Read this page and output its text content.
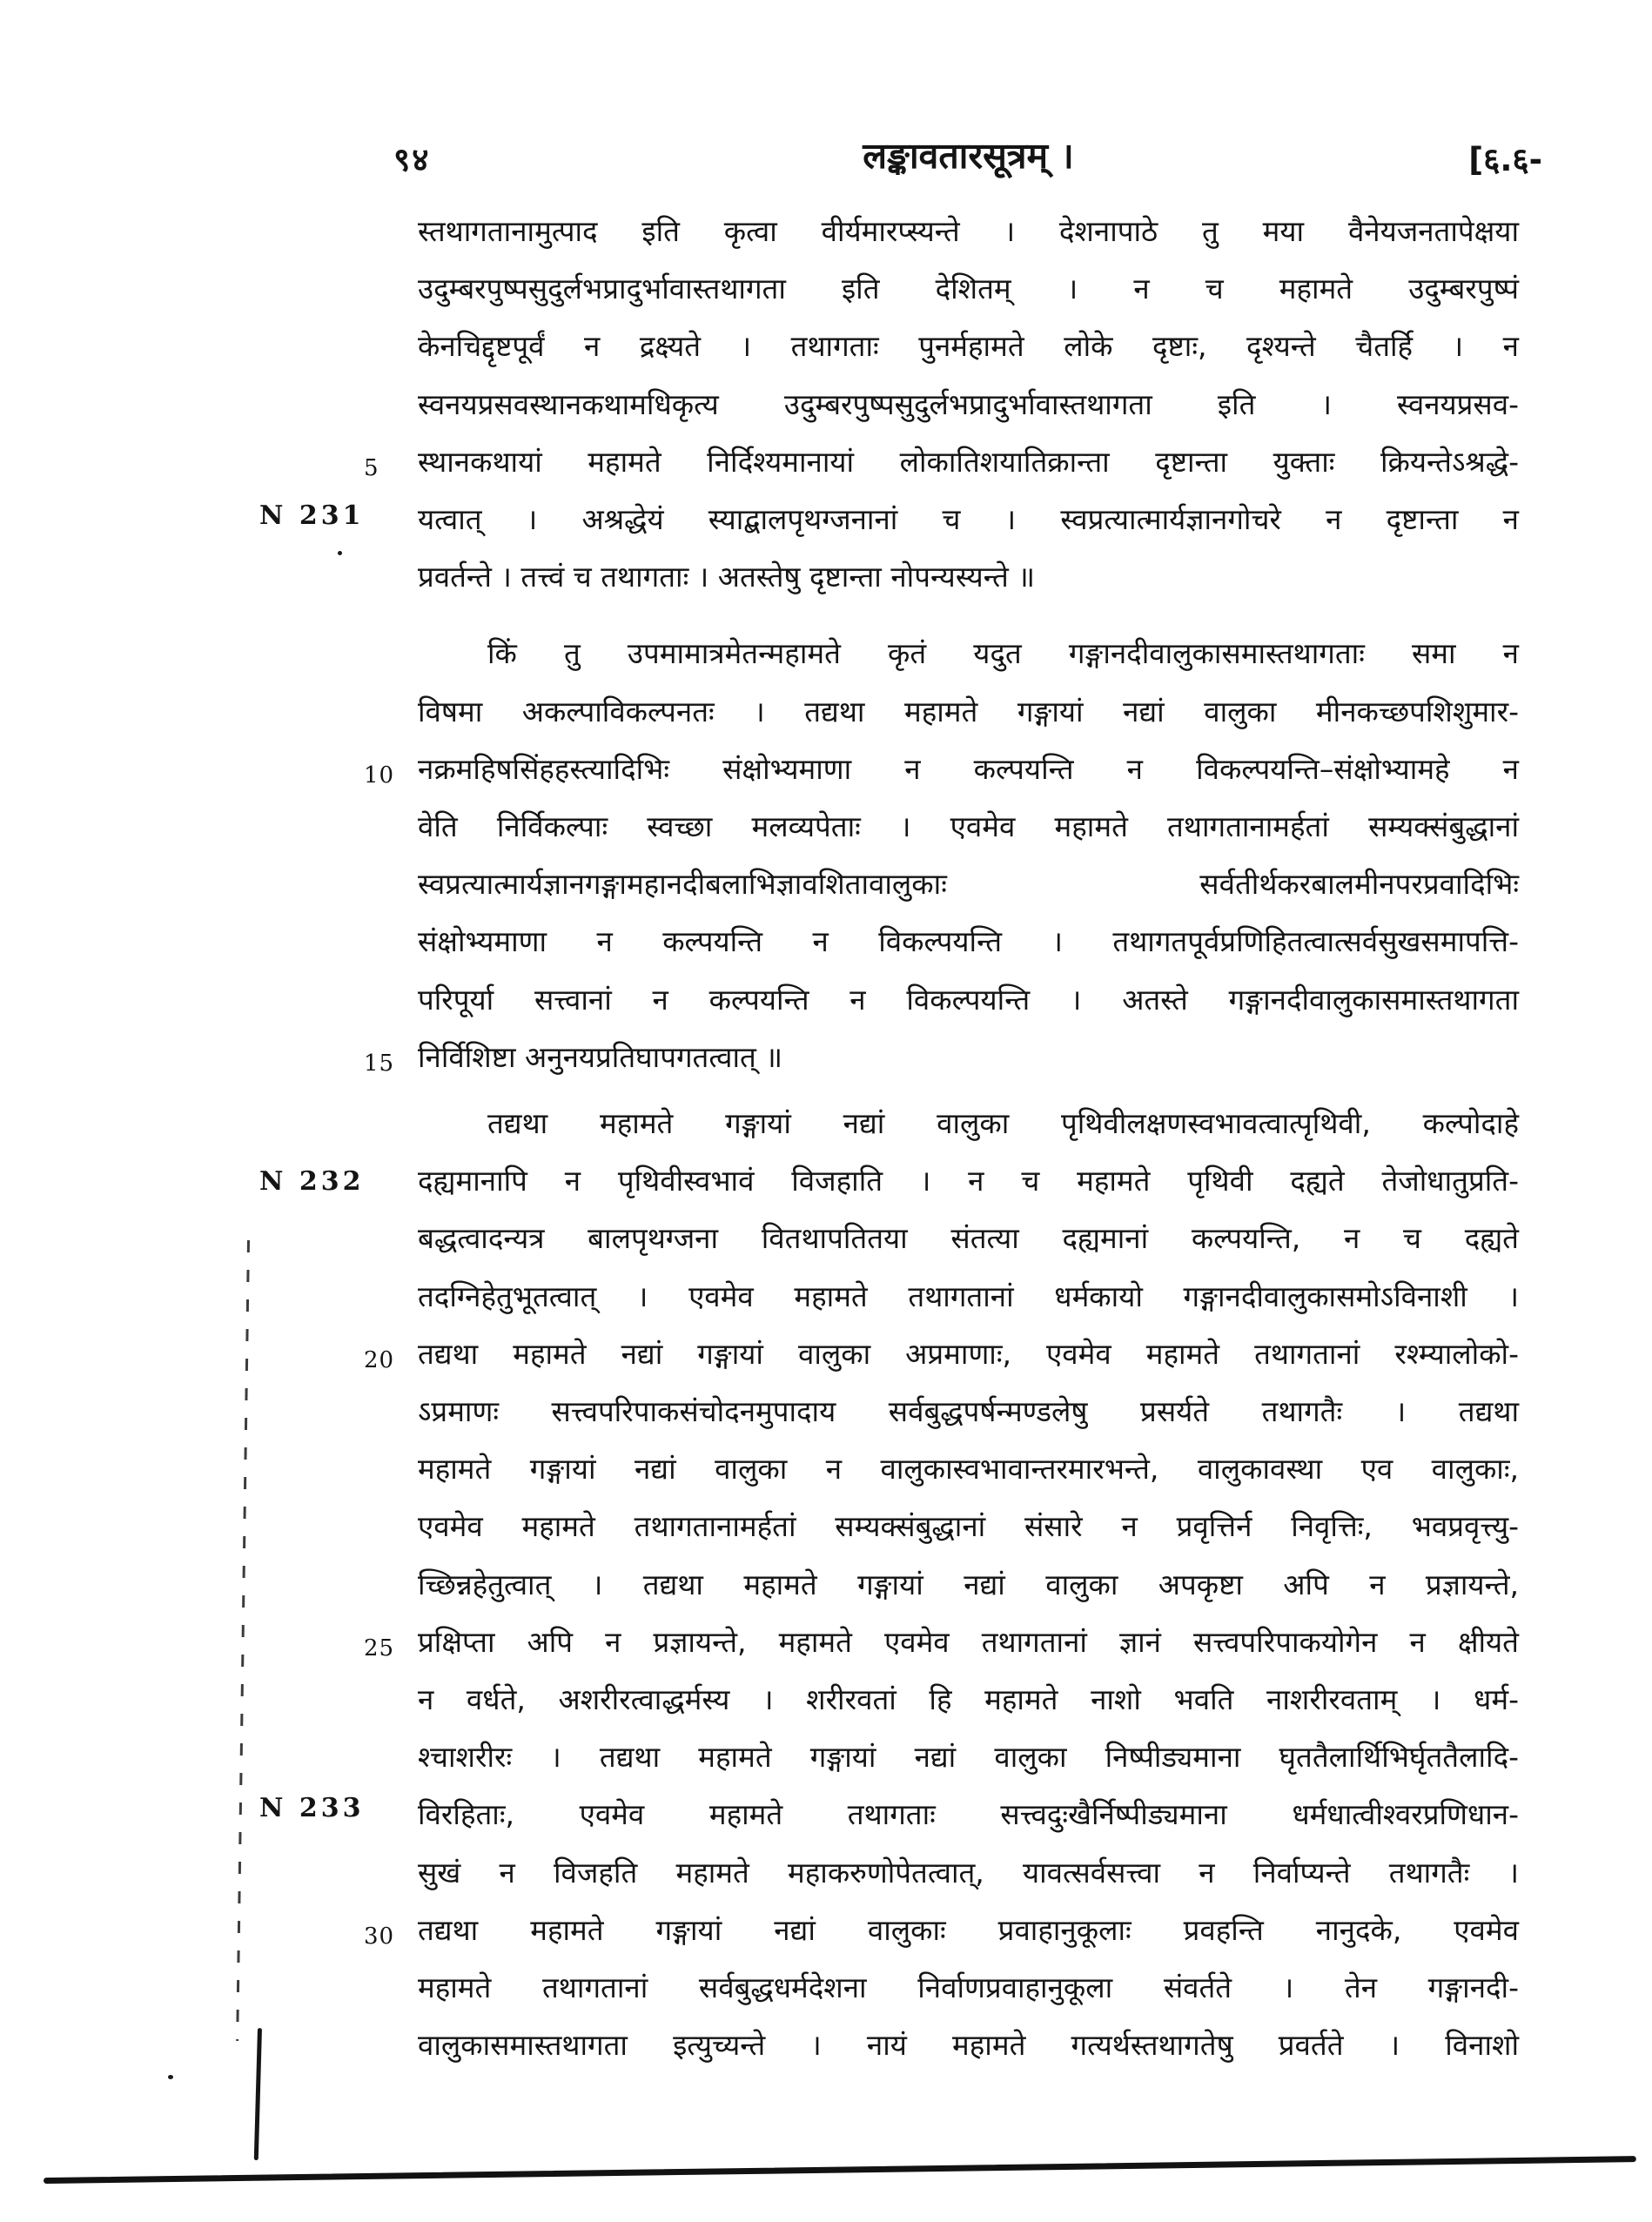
९४	लङ्कावतारसूत्रम् ।	[६.६-
N 231
N 232
N 233
स्तथागतानामुत्पाद इति कृत्वा वीर्यमारप्स्यन्ते । देशनापाठे तु मया वैनेयजनतापेक्षया
उदुम्बरपुष्पसुदुर्लभप्रादुर्भावास्तथागता इति देशितम् । न च महामते उदुम्बरपुष्पं
केनचिद्दृष्टपूर्वं न द्रक्ष्यते । तथागताः पुनर्महामते लोके दृष्टाः, दृश्यन्ते चैतर्हि । न
स्वनयप्रसवस्थानकथामधिकृत्य उदुम्बरपुष्पसुदुर्लभप्रादुर्भावास्तथागता इति । स्वनयप्रसव-
5	स्थानकथायां महामते निर्दिश्यमानायां लोकातिशयातिक्रान्ता दृष्टान्ता युक्ताः क्रियन्तेऽश्रद्धे-
यत्वात् । अश्रद्धेयं स्याद्बालपृथग्जनानां च । स्वप्रत्यात्मार्यज्ञानगोचरे न दृष्टान्ता न
प्रवर्तन्ते । तत्त्वं च तथागताः । अतस्तेषु दृष्टान्ता नोपन्यस्यन्ते ॥
किं तु उपमामात्रमेतन्महामते कृतं यदुत गङ्गानदीवालुकासमास्तथागताः समा न
विषमा अकल्पाविकल्पनतः । तद्यथा महामते गङ्गायां नद्यां वालुका मीनकच्छपशिशुमार-
10 नक्रमहिषसिंहहस्त्यादिभिः संक्षोभ्यमाणा न कल्पयन्ति न विकल्पयन्ति–संक्षोभ्यामहे न
वेति निर्विकल्पाः स्वच्छा मलव्यपेताः । एवमेव महामते तथागतानामर्हतां सम्यक्संबुद्धानां
स्वप्रत्यात्मार्यज्ञानगङ्गामहानदीबलाभिज्ञावशितावालुकाः सर्वतीर्थकरबालमीनपरप्रवादिभिः
संक्षोभ्यमाणा न कल्पयन्ति न विकल्पयन्ति । तथागतपूर्वप्रणिहितत्वात्सर्वसुखसमापत्ति-
परिपूर्या सत्त्वानां न कल्पयन्ति न विकल्पयन्ति । अतस्ते गङ्गानदीवालुकासमास्तथागता
15 निर्विशिष्टा अनुनयप्रतिघापगतत्वात् ॥
तद्यथा महामते गङ्गायां नद्यां वालुका पृथिवीलक्षणस्वभावत्वात्पृथिवी, कल्पोदाहे
दह्यमानापि न पृथिवीस्वभावं विजहाति । न च महामते पृथिवी दह्यते तेजोधातुप्रति-
बद्धत्वादन्यत्र बालपृथग्जना वितथापतितया संतत्या दह्यमानां कल्पयन्ति, न च दह्यते
तदग्निहेतुभूतत्वात् । एवमेव महामते तथागतानां धर्मकायो गङ्गानदीवालुकासमोऽविनाशी ।
20 तद्यथा महामते नद्यां गङ्गायां वालुका अप्रमाणाः, एवमेव महामते तथागतानां रश्म्यालोको-
ऽप्रमाणः सत्त्वपरिपाकसंचोदनमुपादाय सर्वबुद्धपर्षन्मण्डलेषु प्रसर्यते तथागतैः । तद्यथा
महामते गङ्गायां नद्यां वालुका न वालुकास्वभावान्तरमारभन्ते, वालुकावस्था एव वालुकाः,
एवमेव महामते तथागतानामर्हतां सम्यक्संबुद्धानां संसारे न प्रवृत्तिर्न निवृत्तिः, भवप्रवृत्त्यु-
च्छिन्नहेतुत्वात् । तद्यथा महामते गङ्गायां नद्यां वालुका अपकृष्टा अपि न प्रज्ञायन्ते,
25 प्रक्षिप्ता अपि न प्रज्ञायन्ते, महामते एवमेव तथागतानां ज्ञानं सत्त्वपरिपाकयोगेन न क्षीयते
न वर्धते, अशरीरत्वाद्धर्मस्य । शरीरवतां हि महामते नाशो भवति नाशरीरवताम् । धर्म-
श्चाशरीरः । तद्यथा महामते गङ्गायां नद्यां वालुका निष्पीड्यमाना घृततैलार्थिभिर्घृततैलादि-
विरहिताः, एवमेव महामते तथागताः सत्त्वदुःखैर्निष्पीड्यमाना धर्मधात्वीश्वरप्रणिधान-
सुखं न विजहति महामते महाकरुणोपेतत्वात्, यावत्सर्वसत्त्वा न निर्वाप्यन्ते तथागतैः ।
30 तद्यथा महामते गङ्गायां नद्यां वालुकाः प्रवाहानुकूलाः प्रवहन्ति नानुदके, एवमेव
महामते तथागतानां सर्वबुद्धधर्मदेशना निर्वाणप्रवाहानुकूला संवर्तते । तेन गङ्गानदी-
वालुकासमास्तथागता इत्युच्यन्ते । नायं महामते गत्यर्थस्तथागतेषु प्रवर्तते । विनाशो
